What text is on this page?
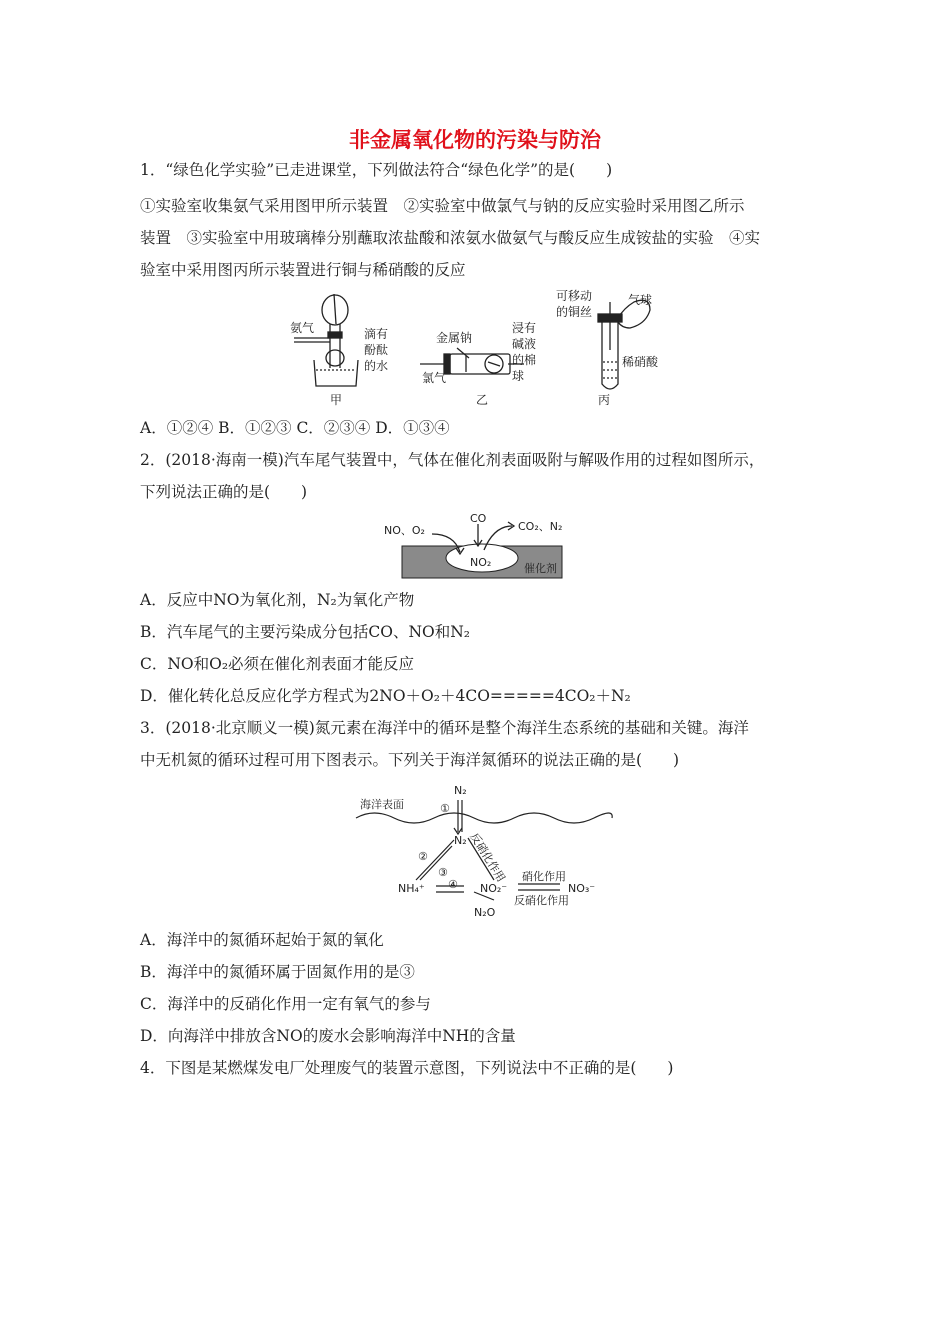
非金属氧化物的污染与防治
1．“绿色化学实验”已走进课堂，下列做法符合“绿色化学”的是(　　)
①实验室收集氨气采用图甲所示装置　②实验室中做氯气与钠的反应实验时采用图乙所示
装置　③实验室中用玻璃棒分别蘸取浓盐酸和浓氨水做氨气与酸反应生成铵盐的实验　④实
验室中采用图丙所示装置进行铜与稀硝酸的反应
氨气	滴有
酚酞
的水
甲
金属钠
氯气
浸有
碱液
的棉
球
乙
可移动
的铜丝
气球
稀硝酸
丙
A．①②④ B．①②③ C．②③④ D．①③④
2．(2018·海南一模)汽车尾气装置中，气体在催化剂表面吸附与解吸作用的过程如图所示，
下列说法正确的是(　　)
NO、O₂
CO
CO₂、N₂
NO₂	催化剂
A．反应中NO为氧化剂，N₂为氧化产物
B．汽车尾气的主要污染成分包括CO、NO和N₂
C．NO和O₂必须在催化剂表面才能反应
D．催化转化总反应化学方程式为2NO＋O₂＋4CO=====4CO₂＋N₂
3．(2018·北京顺义一模)氮元素在海洋中的循环是整个海洋生态系统的基础和关键。海洋
中无机氮的循环过程可用下图表示。下列关于海洋氮循环的说法正确的是(　　)
海洋表面
N₂
N₂
①
②
③
④
反硝化作用
NH₄⁺	NO₂⁻	NO₃⁻
N₂O
硝化作用
反硝化作用
A．海洋中的氮循环起始于氮的氧化
B．海洋中的氮循环属于固氮作用的是③
C．海洋中的反硝化作用一定有氧气的参与
D．向海洋中排放含NO的废水会影响海洋中NH的含量
4．下图是某燃煤发电厂处理废气的装置示意图，下列说法中不正确的是(　　)
